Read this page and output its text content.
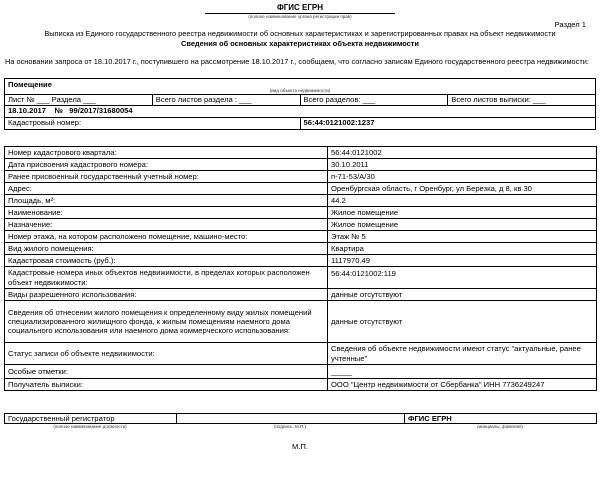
ФГИС ЕГРН
(полное наименование органа регистрации прав)
Раздел 1
Выписка из Единого государственного реестра недвижимости об основных характеристиках и зарегистрированных правах на объект недвижимости
Сведения об основных характеристиках объекта недвижимости
На основании запроса от 18.10.2017 г., поступившего на рассмотрение 18.10.2017 г., сообщаем, что согласно записям Единого государственного реестра недвижимости:
Помещение
(вид объекта недвижимости)			

Лист № ___ Раздела ___	Всего листов раздела : ___	Всего разделов: ___	Всего листов выписки: ___
18.10.2017 № 99/2017/31680054			
Кадастровый номер:		56:44:0121002:1237	
Номер кадастрового квартала:	56:44:0121002
Дата присвоения кадастрового номера:	30.10.2011
Ранее присвоенный государственный учетный номер:	п-71-53/А/30
Адрес:	Оренбургская область, г Оренбург, ул Березка, д 8, кв 30
Площадь, м²:	44.2
Наименование:	Жилое помещение
Назначение:	Жилое помещение
Номер этажа, на котором расположено помещение, машино-место:	Этаж № 5
Вид жилого помещения:	Квартира
Кадастровая стоимость (руб.):	1117970.49
Кадастровые номера иных объектов недвижимости, в пределах которых расположен объект недвижимости:	56:44:0121002:119
Виды разрешенного использования:	данные отсутствуют
Сведения об отнесении жилого помещения к определенному виду жилых помещений специализированного жилищного фонда, к жилым помещениям наемного дома социального использования или наемного дома коммерческого использования:	данные отсутствуют
Статус записи об объекте недвижимости:	Сведения об объекте недвижимости имеют статус "актуальные, ранее учтенные"
Особые отметки:	_____
Получатель выписки:	ООО "Центр недвижимости от Сбербанка" ИНН 7736249247
Государственный регистратор		ФГИС ЕГРН
(полное наименование должности)	(подпись, М.П.)	(инициалы, фамилия)
М.П.
